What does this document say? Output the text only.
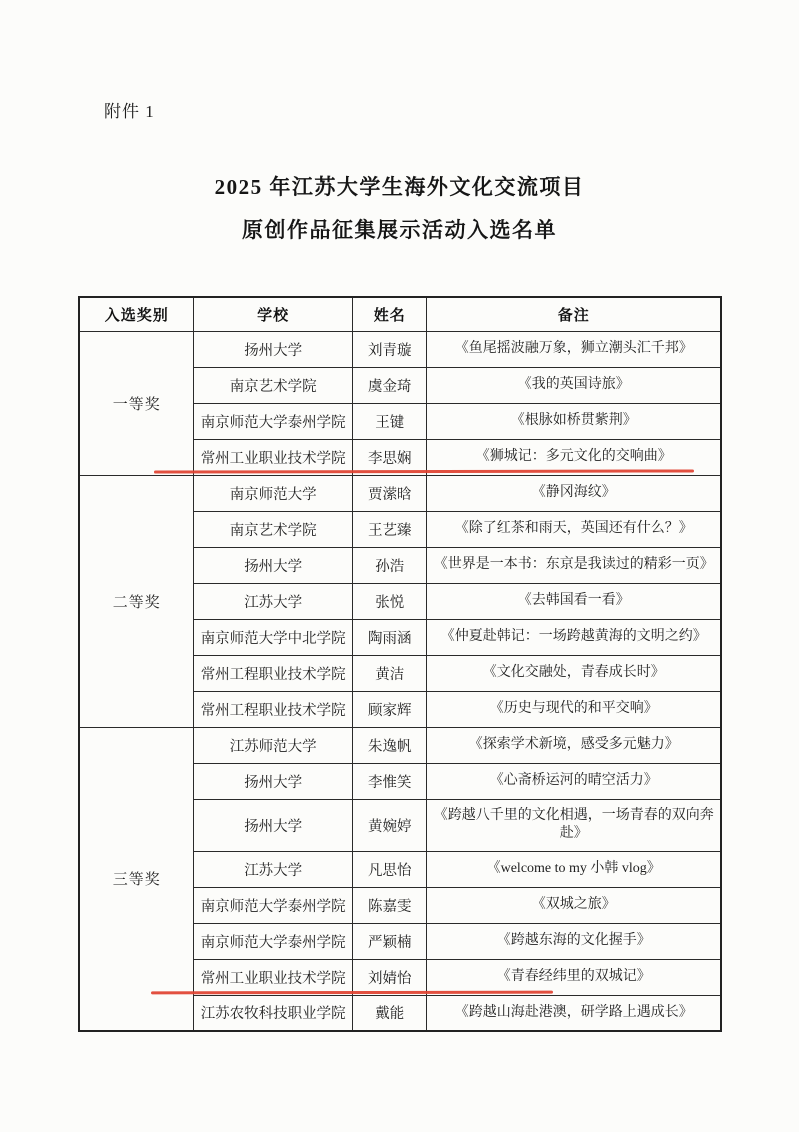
附件 1
2025 年江苏大学生海外文化交流项目
原创作品征集展示活动入选名单
入选奖别	学校	姓名	备注
一等奖	扬州大学	刘青璇	《鱼尾摇波融万象，狮立潮头汇千邦》
	南京艺术学院	虞金琦	《我的英国诗旅》
	南京师范大学泰州学院	王键	《根脉如桥贯紫荆》
	常州工业职业技术学院	李思娴	《狮城记：多元文化的交响曲》
二等奖	南京师范大学	贾潆晗	《静冈海纹》
	南京艺术学院	王艺臻	《除了红茶和雨天，英国还有什么？》
	扬州大学	孙浩	《世界是一本书：东京是我读过的精彩一页》
	江苏大学	张悦	《去韩国看一看》
	南京师范大学中北学院	陶雨涵	《仲夏赴韩记：一场跨越黄海的文明之约》
	常州工程职业技术学院	黄洁	《文化交融处，青春成长时》
	常州工程职业技术学院	顾家辉	《历史与现代的和平交响》
三等奖	江苏师范大学	朱逸帆	《探索学术新境，感受多元魅力》
	扬州大学	李惟笑	《心斋桥运河的晴空活力》
	扬州大学	黄婉婷	《跨越八千里的文化相遇，一场青春的双向奔赴》
	江苏大学	凡思怡	《welcome to my 小韩 vlog》
	南京师范大学泰州学院	陈嘉雯	《双城之旅》
	南京师范大学泰州学院	严颖楠	《跨越东海的文化握手》
	常州工业职业技术学院	刘婧怡	《青春经纬里的双城记》
	江苏农牧科技职业学院	戴能	《跨越山海赴港澳，研学路上遇成长》
